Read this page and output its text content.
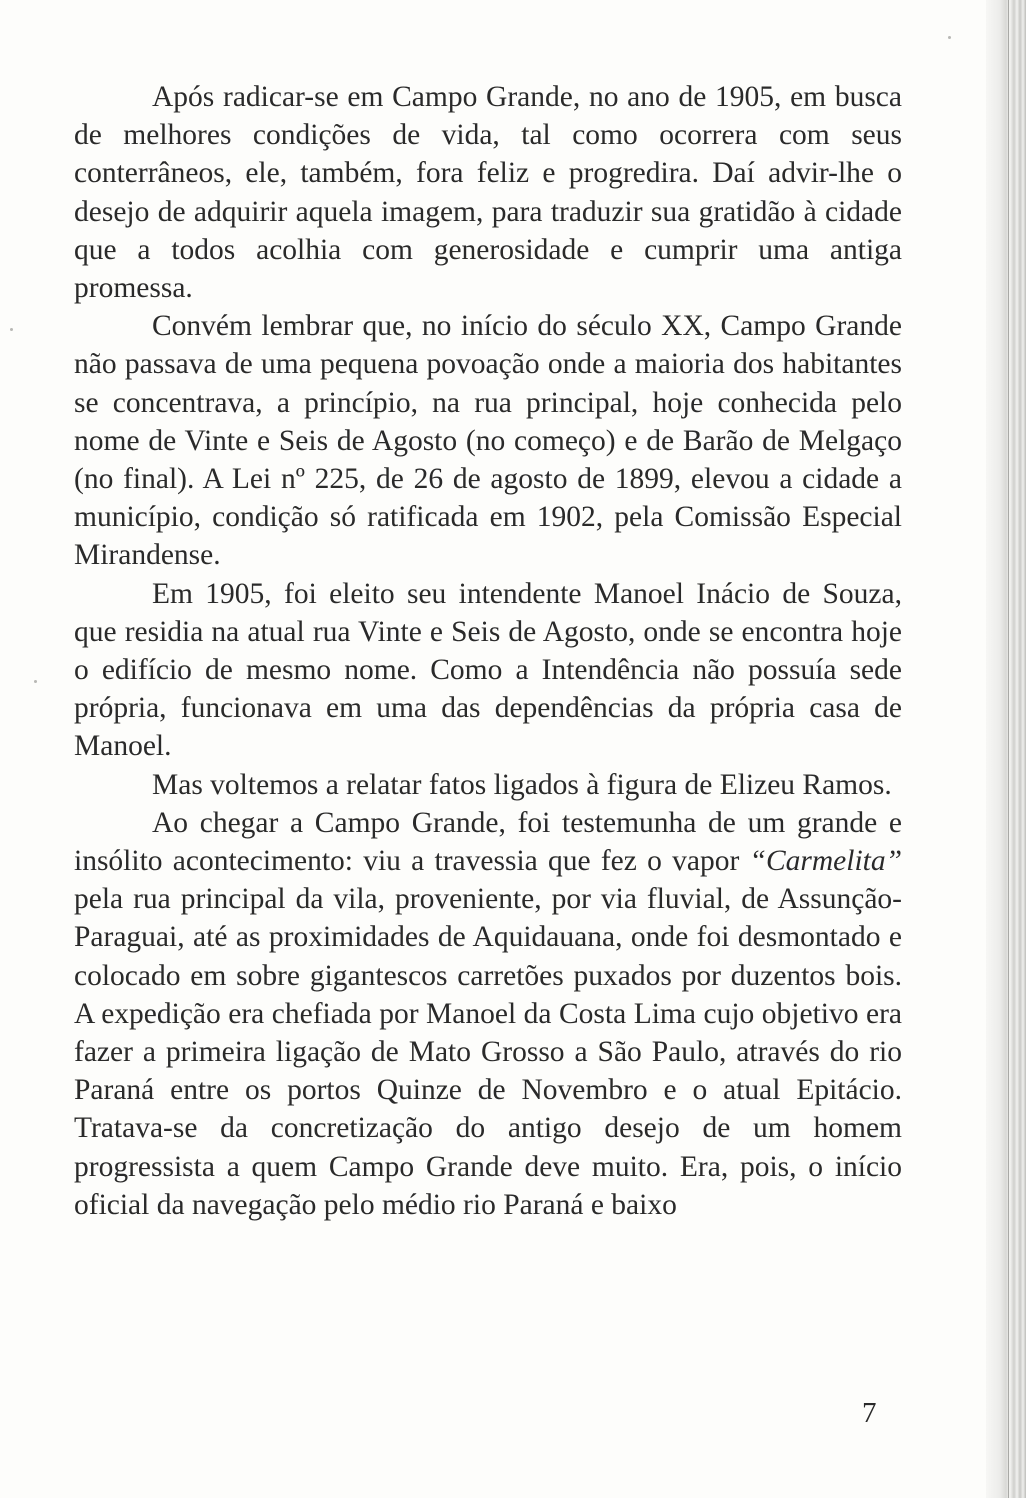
Após radicar-se em Campo Grande, no ano de 1905, em busca de melhores condições de vida, tal como ocorrera com seus conterrâneos, ele, também, fora feliz e progredira. Daí advir-lhe o desejo de adquirir aquela imagem, para traduzir sua gratidão à cidade que a todos acolhia com generosidade e cumprir uma antiga promessa.

Convém lembrar que, no início do século XX, Campo Grande não passava de uma pequena povoação onde a maioria dos habitantes se concentrava, a princípio, na rua principal, hoje conhecida pelo nome de Vinte e Seis de Agosto (no começo) e de Barão de Melgaço (no final). A Lei nº 225, de 26 de agosto de 1899, elevou a cidade a município, condição só ratificada em 1902, pela Comissão Especial Mirandense.

Em 1905, foi eleito seu intendente Manoel Inácio de Souza, que residia na atual rua Vinte e Seis de Agosto, onde se encontra hoje o edifício de mesmo nome. Como a Intendência não possuía sede própria, funcionava em uma das dependências da própria casa de Manoel.

Mas voltemos a relatar fatos ligados à figura de Elizeu Ramos.

Ao chegar a Campo Grande, foi testemunha de um grande e insólito acontecimento: viu a travessia que fez o vapor “Carmelita” pela rua principal da vila, proveniente, por via fluvial, de Assunção-Paraguai, até as proximidades de Aquidauana, onde foi desmontado e colocado em sobre gigantescos carretões puxados por duzentos bois. A expedição era chefiada por Manoel da Costa Lima cujo objetivo era fazer a primeira ligação de Mato Grosso a São Paulo, através do rio Paraná entre os portos Quinze de Novembro e o atual Epitácio. Tratava-se da concretização do antigo desejo de um homem progressista a quem Campo Grande deve muito. Era, pois, o início oficial da navegação pelo médio rio Paraná e baixo

7
